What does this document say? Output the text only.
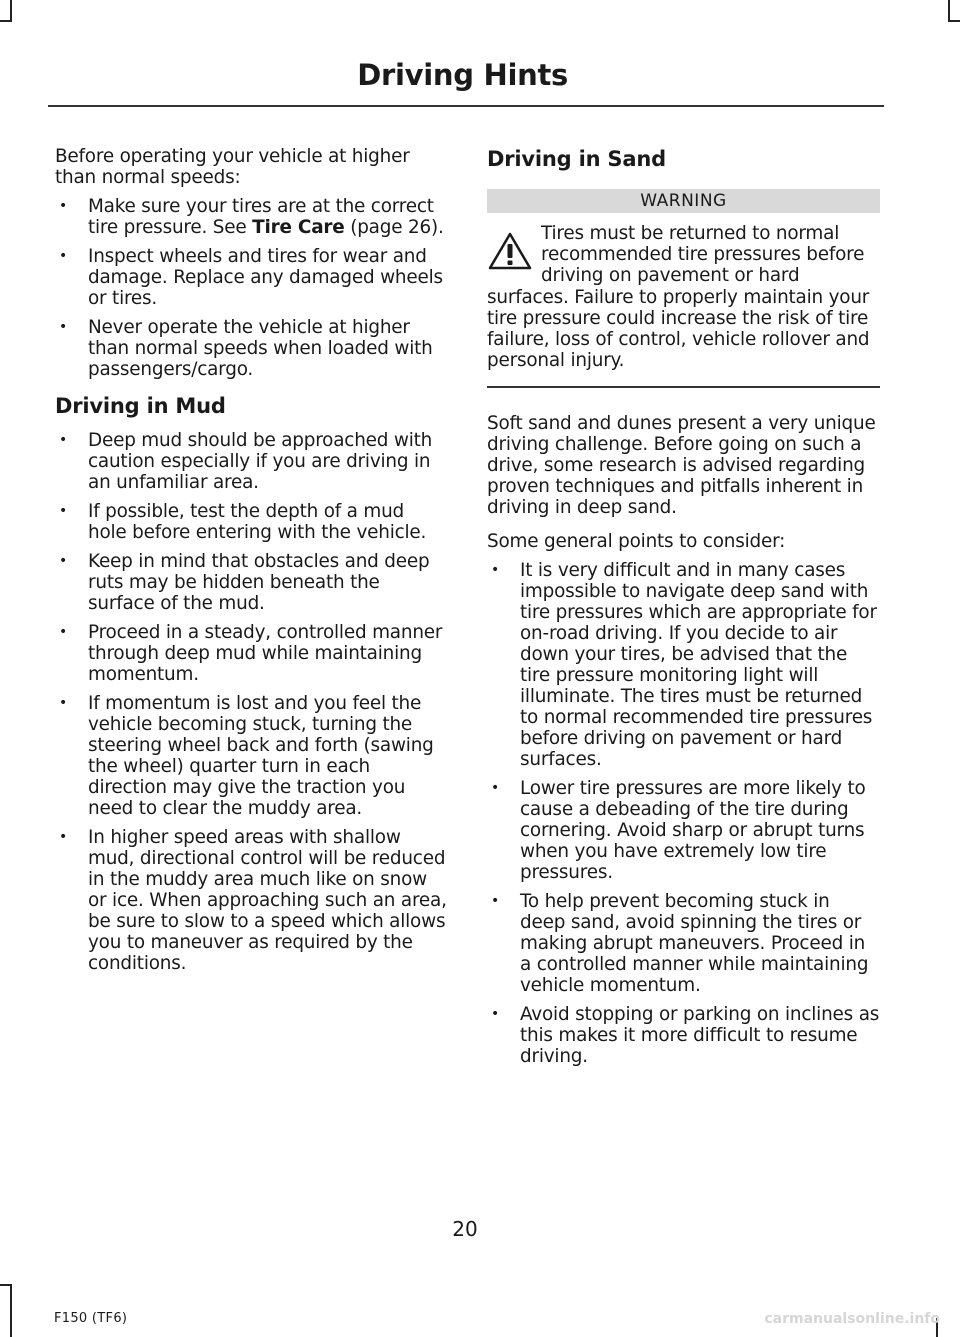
Driving Hints

Before operating your vehicle at higher than normal speeds:

• Make sure your tires are at the correct tire pressure. See Tire Care (page 26).
• Inspect wheels and tires for wear and damage. Replace any damaged wheels or tires.
• Never operate the vehicle at higher than normal speeds when loaded with passengers/cargo.
Driving in Mud
• Deep mud should be approached with caution especially if you are driving in an unfamiliar area.
• If possible, test the depth of a mud hole before entering with the vehicle.
• Keep in mind that obstacles and deep ruts may be hidden beneath the surface of the mud.
• Proceed in a steady, controlled manner through deep mud while maintaining momentum.
• If momentum is lost and you feel the vehicle becoming stuck, turning the steering wheel back and forth (sawing the wheel) quarter turn in each direction may give the traction you need to clear the muddy area.
• In higher speed areas with shallow mud, directional control will be reduced in the muddy area much like on snow or ice. When approaching such an area, be sure to slow to a speed which allows you to maneuver as required by the conditions.
Driving in Sand
WARNING

Tires must be returned to normal recommended tire pressures before driving on pavement or hard surfaces. Failure to properly maintain your tire pressure could increase the risk of tire failure, loss of control, vehicle rollover and personal injury.

Soft sand and dunes present a very unique driving challenge. Before going on such a drive, some research is advised regarding proven techniques and pitfalls inherent in driving in deep sand.

Some general points to consider:

• It is very difficult and in many cases impossible to navigate deep sand with tire pressures which are appropriate for on-road driving. If you decide to air down your tires, be advised that the tire pressure monitoring light will illuminate. The tires must be returned to normal recommended tire pressures before driving on pavement or hard surfaces.
• Lower tire pressures are more likely to cause a debeading of the tire during cornering. Avoid sharp or abrupt turns when you have extremely low tire pressures.
• To help prevent becoming stuck in deep sand, avoid spinning the tires or making abrupt maneuvers. Proceed in a controlled manner while maintaining vehicle momentum.
• Avoid stopping or parking on inclines as this makes it more difficult to resume driving.
20
F150 (TF6)	carmanualsonline.info
